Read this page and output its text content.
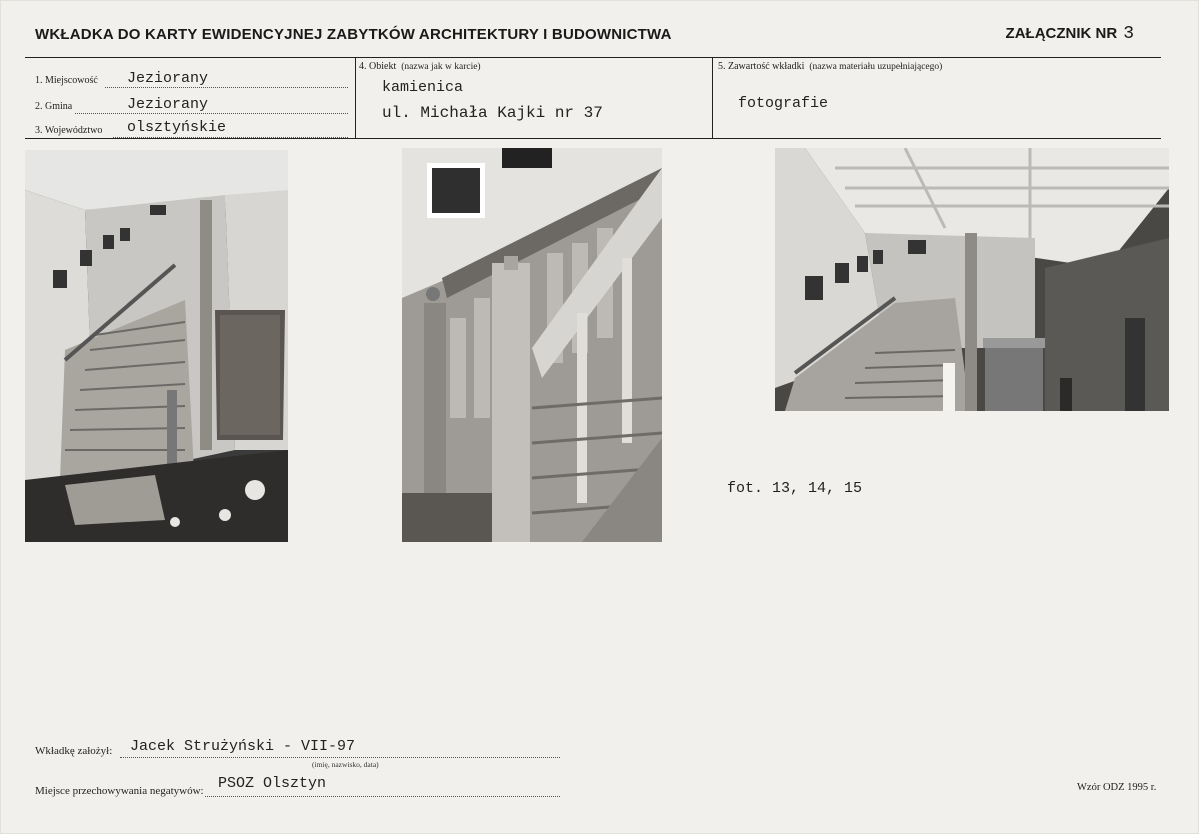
WKŁADKA DO KARTY EWIDENCYJNEJ ZABYTKÓW ARCHITEKTURY I BUDOWNICTWA	ZAŁĄCZNIK NR 3
1. Miejscowość Jeziorany
2. Gmina	Jeziorany
3. Województwo olsztyńskie
4. Obiekt (nazwa jak w karcie)
kamienica
ul. Michała Kajki nr 37
5. Zawartość wkładki (nazwa materiału uzupełniającego)
fotografie
fot. 13, 14, 15
Wkładkę założył: Jacek Strużyński - VII-97
(imię, nazwisko, data)
Miejsce przechowywania negatywów: PSOZ Olsztyn	Wzór ODZ 1995 r.
